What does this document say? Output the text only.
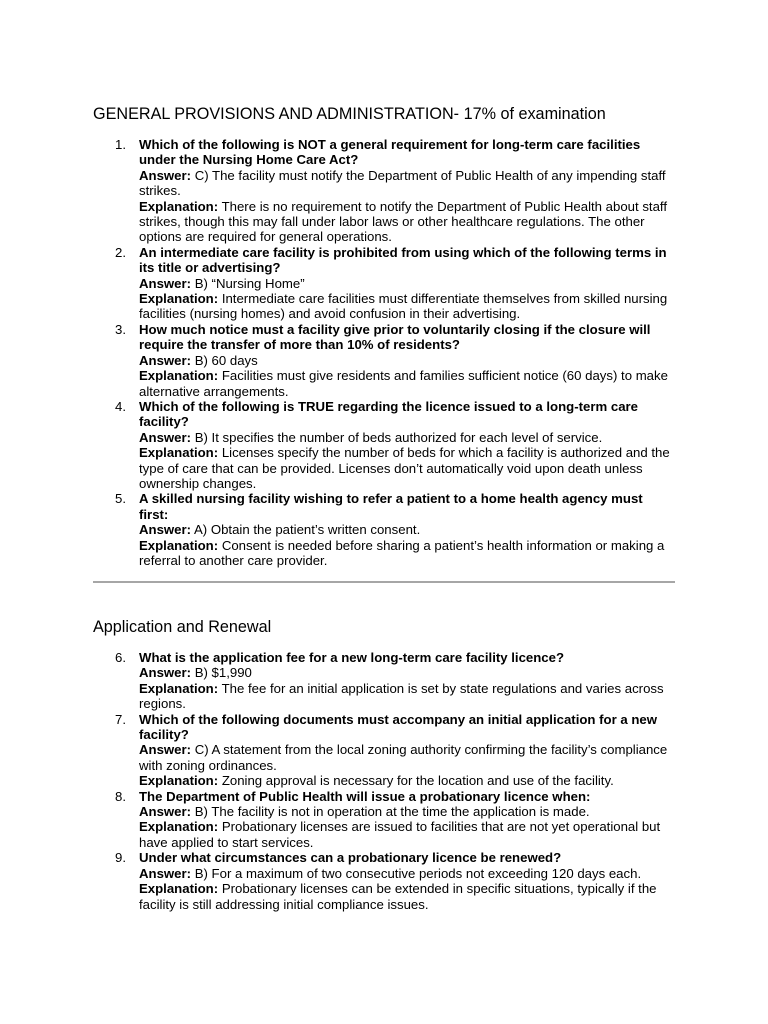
GENERAL PROVISIONS AND ADMINISTRATION- 17% of examination
1. Which of the following is NOT a general requirement for long-term care facilities under the Nursing Home Care Act?
Answer: C) The facility must notify the Department of Public Health of any impending staff strikes.
Explanation: There is no requirement to notify the Department of Public Health about staff strikes, though this may fall under labor laws or other healthcare regulations. The other options are required for general operations.
2. An intermediate care facility is prohibited from using which of the following terms in its title or advertising?
Answer: B) “Nursing Home”
Explanation: Intermediate care facilities must differentiate themselves from skilled nursing facilities (nursing homes) and avoid confusion in their advertising.
3. How much notice must a facility give prior to voluntarily closing if the closure will require the transfer of more than 10% of residents?
Answer: B) 60 days
Explanation: Facilities must give residents and families sufficient notice (60 days) to make alternative arrangements.
4. Which of the following is TRUE regarding the licence issued to a long-term care facility?
Answer: B) It specifies the number of beds authorized for each level of service.
Explanation: Licenses specify the number of beds for which a facility is authorized and the type of care that can be provided. Licenses don’t automatically void upon death unless ownership changes.
5. A skilled nursing facility wishing to refer a patient to a home health agency must first:
Answer: A) Obtain the patient’s written consent.
Explanation: Consent is needed before sharing a patient’s health information or making a referral to another care provider.
Application and Renewal
6. What is the application fee for a new long-term care facility licence?
Answer: B) $1,990
Explanation: The fee for an initial application is set by state regulations and varies across regions.
7. Which of the following documents must accompany an initial application for a new facility?
Answer: C) A statement from the local zoning authority confirming the facility’s compliance with zoning ordinances.
Explanation: Zoning approval is necessary for the location and use of the facility.
8. The Department of Public Health will issue a probationary licence when:
Answer: B) The facility is not in operation at the time the application is made.
Explanation: Probationary licenses are issued to facilities that are not yet operational but have applied to start services.
9. Under what circumstances can a probationary licence be renewed?
Answer: B) For a maximum of two consecutive periods not exceeding 120 days each.
Explanation: Probationary licenses can be extended in specific situations, typically if the facility is still addressing initial compliance issues.
